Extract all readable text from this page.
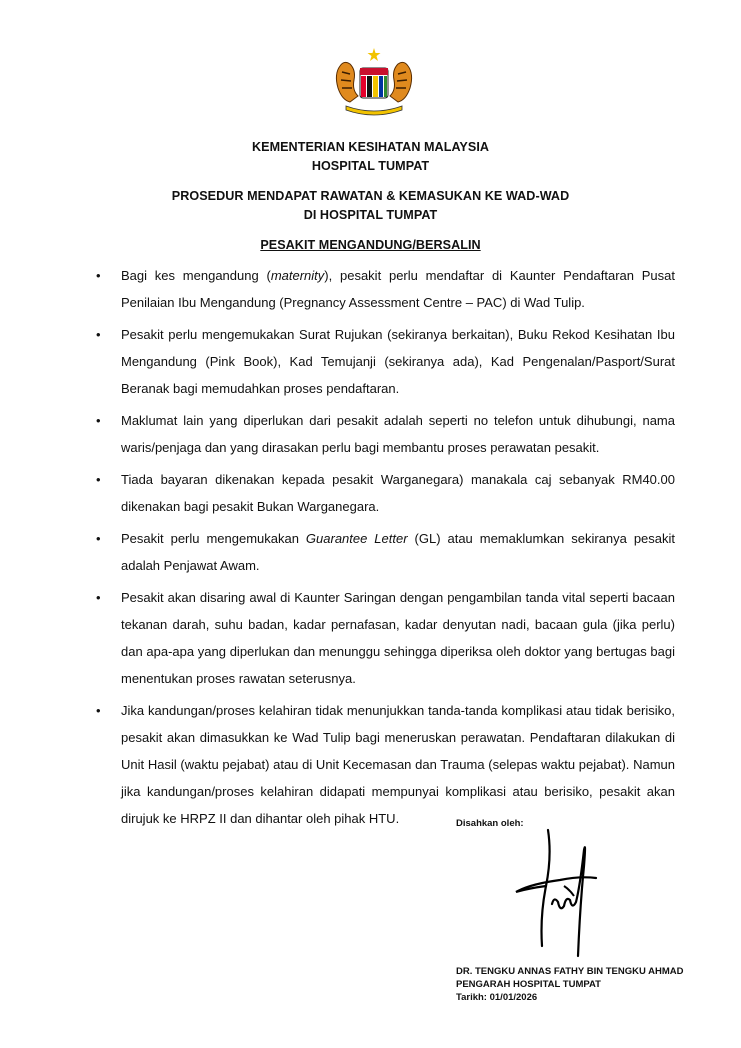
KEMENTERIAN KESIHATAN MALAYSIA
HOSPITAL TUMPAT
PROSEDUR MENDAPAT RAWATAN & KEMASUKAN KE WAD-WAD
DI HOSPITAL TUMPAT
PESAKIT MENGANDUNG/BERSALIN
• Bagi kes mengandung (maternity), pesakit perlu mendaftar di Kaunter Pendaftaran Pusat Penilaian Ibu Mengandung (Pregnancy Assessment Centre – PAC) di Wad Tulip.
• Pesakit perlu mengemukakan Surat Rujukan (sekiranya berkaitan), Buku Rekod Kesihatan Ibu Mengandung (Pink Book), Kad Temujanji (sekiranya ada), Kad Pengenalan/Pasport/Surat Beranak bagi memudahkan proses pendaftaran.
• Maklumat lain yang diperlukan dari pesakit adalah seperti no telefon untuk dihubungi, nama waris/penjaga dan yang dirasakan perlu bagi membantu proses perawatan pesakit.
• Tiada bayaran dikenakan kepada pesakit Warganegara) manakala caj sebanyak RM40.00 dikenakan bagi pesakit Bukan Warganegara.
• Pesakit perlu mengemukakan Guarantee Letter (GL) atau memaklumkan sekiranya pesakit adalah Penjawat Awam.
• Pesakit akan disaring awal di Kaunter Saringan dengan pengambilan tanda vital seperti bacaan tekanan darah, suhu badan, kadar pernafasan, kadar denyutan nadi, bacaan gula (jika perlu) dan apa-apa yang diperlukan dan menunggu sehingga diperiksa oleh doktor yang bertugas bagi menentukan proses rawatan seterusnya.
• Jika kandungan/proses kelahiran tidak menunjukkan tanda-tanda komplikasi atau tidak berisiko, pesakit akan dimasukkan ke Wad Tulip bagi meneruskan perawatan. Pendaftaran dilakukan di Unit Hasil (waktu pejabat) atau di Unit Kecemasan dan Trauma (selepas waktu pejabat). Namun jika kandungan/proses kelahiran didapati mempunyai komplikasi atau berisiko, pesakit akan dirujuk ke HRPZ II dan dihantar oleh pihak HTU.	Disahkan oleh:
DR. TENGKU ANNAS FATHY BIN TENGKU AHMAD
PENGARAH HOSPITAL TUMPAT
Tarikh: 01/01/2026
